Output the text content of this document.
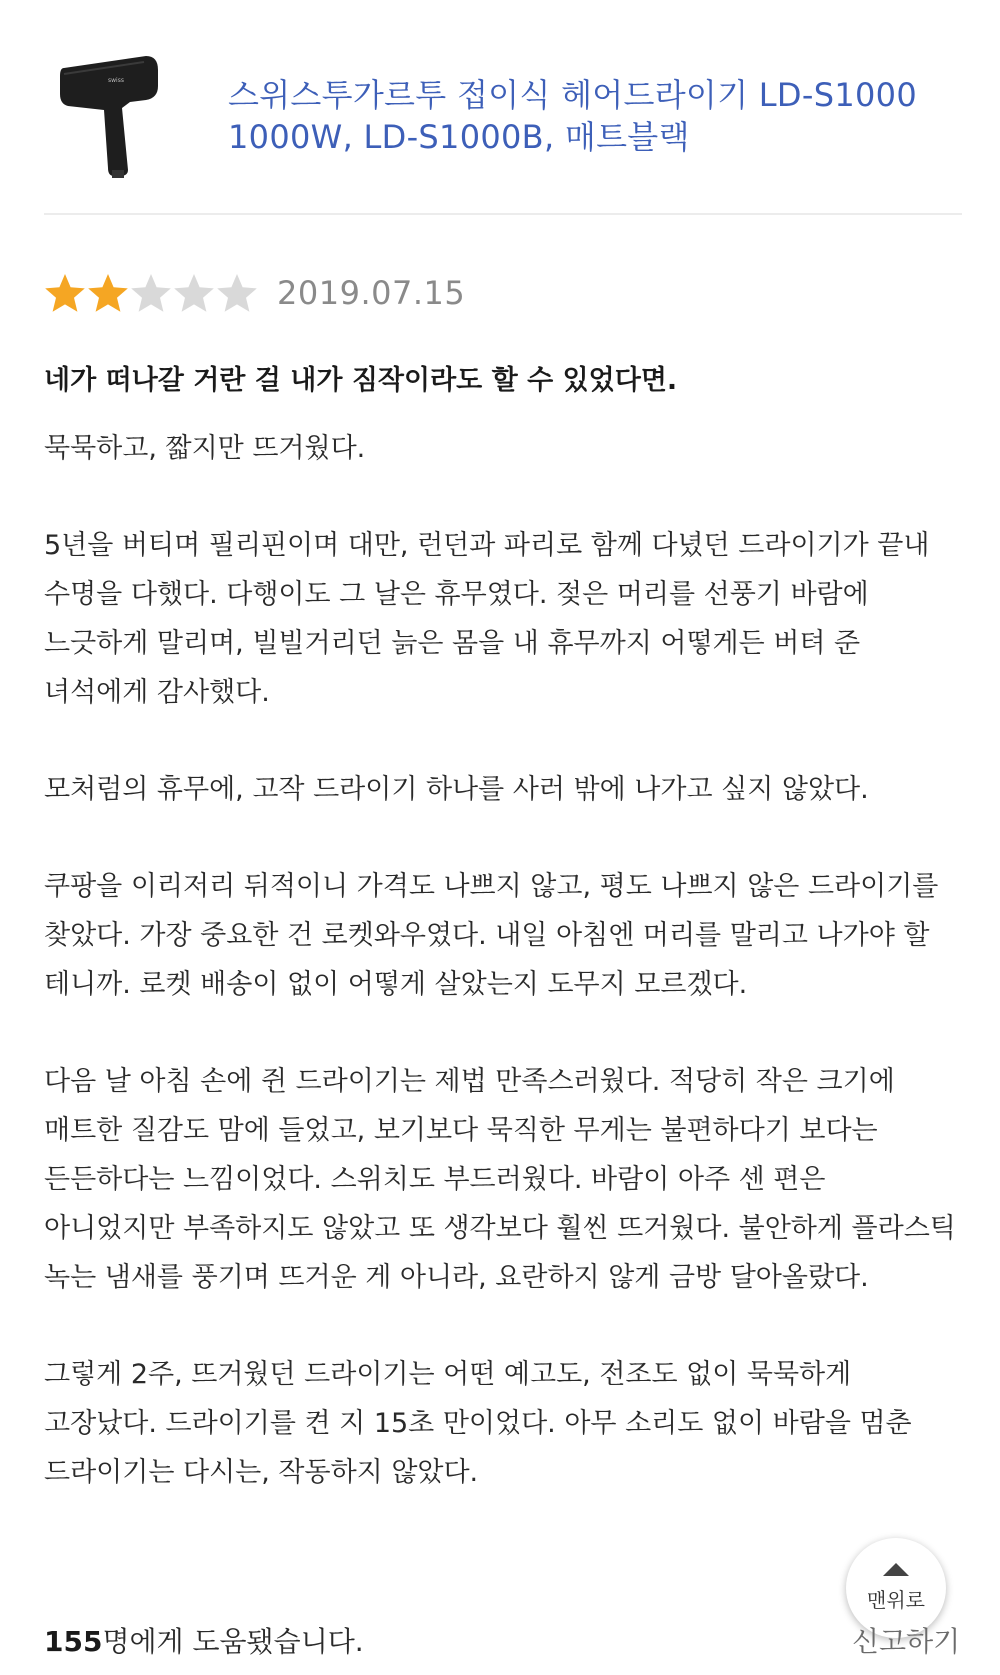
swiss	스위스투가르투 접이식 헤어드라이기 LD-S1000 1000W, LD-S1000B, 매트블랙
2019.07.15
네가 떠나갈 거란 걸 내가 짐작이라도 할 수 있었다면.

묵묵하고, 짧지만 뜨거웠다.

5년을 버티며 필리핀이며 대만, 런던과 파리로 함께 다녔던 드라이기가 끝내 수명을 다했다. 다행이도 그 날은 휴무였다. 젖은 머리를 선풍기 바람에 느긋하게 말리며, 빌빌거리던 늙은 몸을 내 휴무까지 어떻게든 버텨 준 녀석에게 감사했다.

모처럼의 휴무에, 고작 드라이기 하나를 사러 밖에 나가고 싶지 않았다.

쿠팡을 이리저리 뒤적이니 가격도 나쁘지 않고, 평도 나쁘지 않은 드라이기를 찾았다. 가장 중요한 건 로켓와우였다. 내일 아침엔 머리를 말리고 나가야 할 테니까. 로켓 배송이 없이 어떻게 살았는지 도무지 모르겠다.

다음 날 아침 손에 쥔 드라이기는 제법 만족스러웠다. 적당히 작은 크기에 매트한 질감도 맘에 들었고, 보기보다 묵직한 무게는 불편하다기 보다는 든든하다는 느낌이었다. 스위치도 부드러웠다. 바람이 아주 센 편은 아니었지만 부족하지도 않았고 또 생각보다 훨씬 뜨거웠다. 불안하게 플라스틱 녹는 냄새를 풍기며 뜨거운 게 아니라, 요란하지 않게 금방 달아올랐다.

그렇게 2주, 뜨거웠던 드라이기는 어떤 예고도, 전조도 없이 묵묵하게 고장났다. 드라이기를 켠 지 15초 만이었다. 아무 소리도 없이 바람을 멈춘 드라이기는 다시는, 작동하지 않았다.

맨위로
155명에게 도움됐습니다.	신고하기
